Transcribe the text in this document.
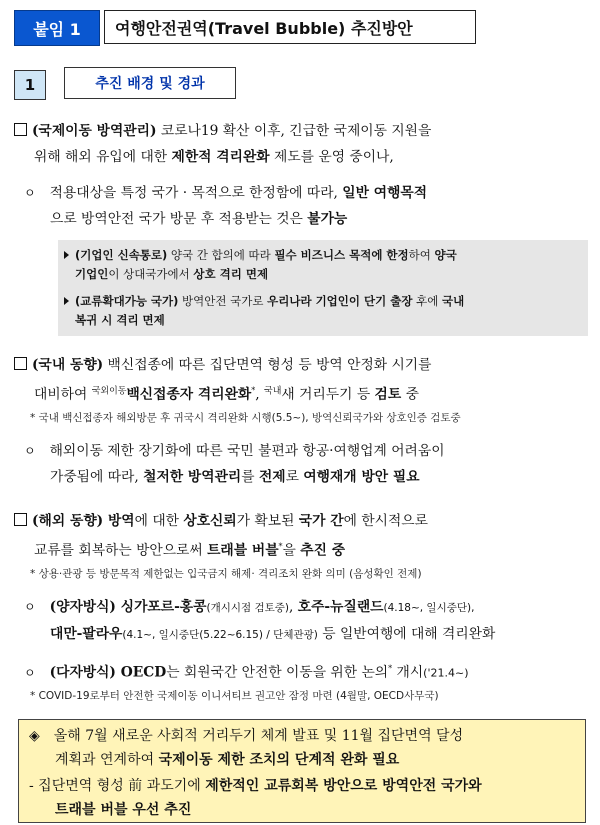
붙임 1	여행안전권역(Travel Bubble) 추진방안
1	추진 배경 및 경과
(국제이동 방역관리) 코로나19 확산 이후, 긴급한 국제이동 지원을
위해 해외 유입에 대한 제한적 격리완화 제도를 운영 중이나,
ㅇ 적용대상을 특정 국가 · 목적으로 한정함에 따라, 일반 여행목적
으로 방역안전 국가 방문 후 적용받는 것은 불가능
(기업인 신속통로) 양국 간 합의에 따라 필수 비즈니스 목적에 한정하여 양국
기업인이 상대국가에서 상호 격리 면제
(교류확대가능 국가) 방역안전 국가로 우리나라 기업인이 단기 출장 후에 국내
복귀 시 격리 면제
(국내 동향) 백신접종에 따른 집단면역 형성 등 방역 안정화 시기를
대비하여 $^{국외이동}$백신접종자 격리완화*, $^{국내}$새 거리두기 등 검토 중
* 국내 백신접종자 해외방문 후 귀국시 격리완화 시행(5.5~), 방역신뢰국가와 상호인증 검토중
ㅇ 해외이동 제한 장기화에 따른 국민 불편과 항공·여행업계 어려움이
가중됨에 따라, 철저한 방역관리를 전제로 여행재개 방안 필요
(해외 동향) 방역에 대한 상호신뢰가 확보된 국가 간에 한시적으로
교류를 회복하는 방안으로써 트래블 버블*을 추진 중
* 상용·관광 등 방문목적 제한없는 입국금지 해제· 격리조치 완화 의미 (음성확인 전제)
ㅇ (양자방식) 싱가포르-홍콩(개시시점 검토중), 호주-뉴질랜드(4.18~, 일시중단),
대만-팔라우(4.1~, 일시중단(5.22~6.15) / 단체관광) 등 일반여행에 대해 격리완화
ㅇ (다자방식) OECD는 회원국간 안전한 이동을 위한 논의* 개시('21.4~)
* COVID-19로부터 안전한 국제이동 이니셔티브 권고안 잠정 마련 (4월말, OECD사무국)
◈ 올해 7월 새로운 사회적 거리두기 체계 발표 및 11월 집단면역 달성
계획과 연계하여 국제이동 제한 조치의 단계적 완화 필요
- 집단면역 형성 前 과도기에 제한적인 교류회복 방안으로 방역안전 국가와
트래블 버블 우선 추진
